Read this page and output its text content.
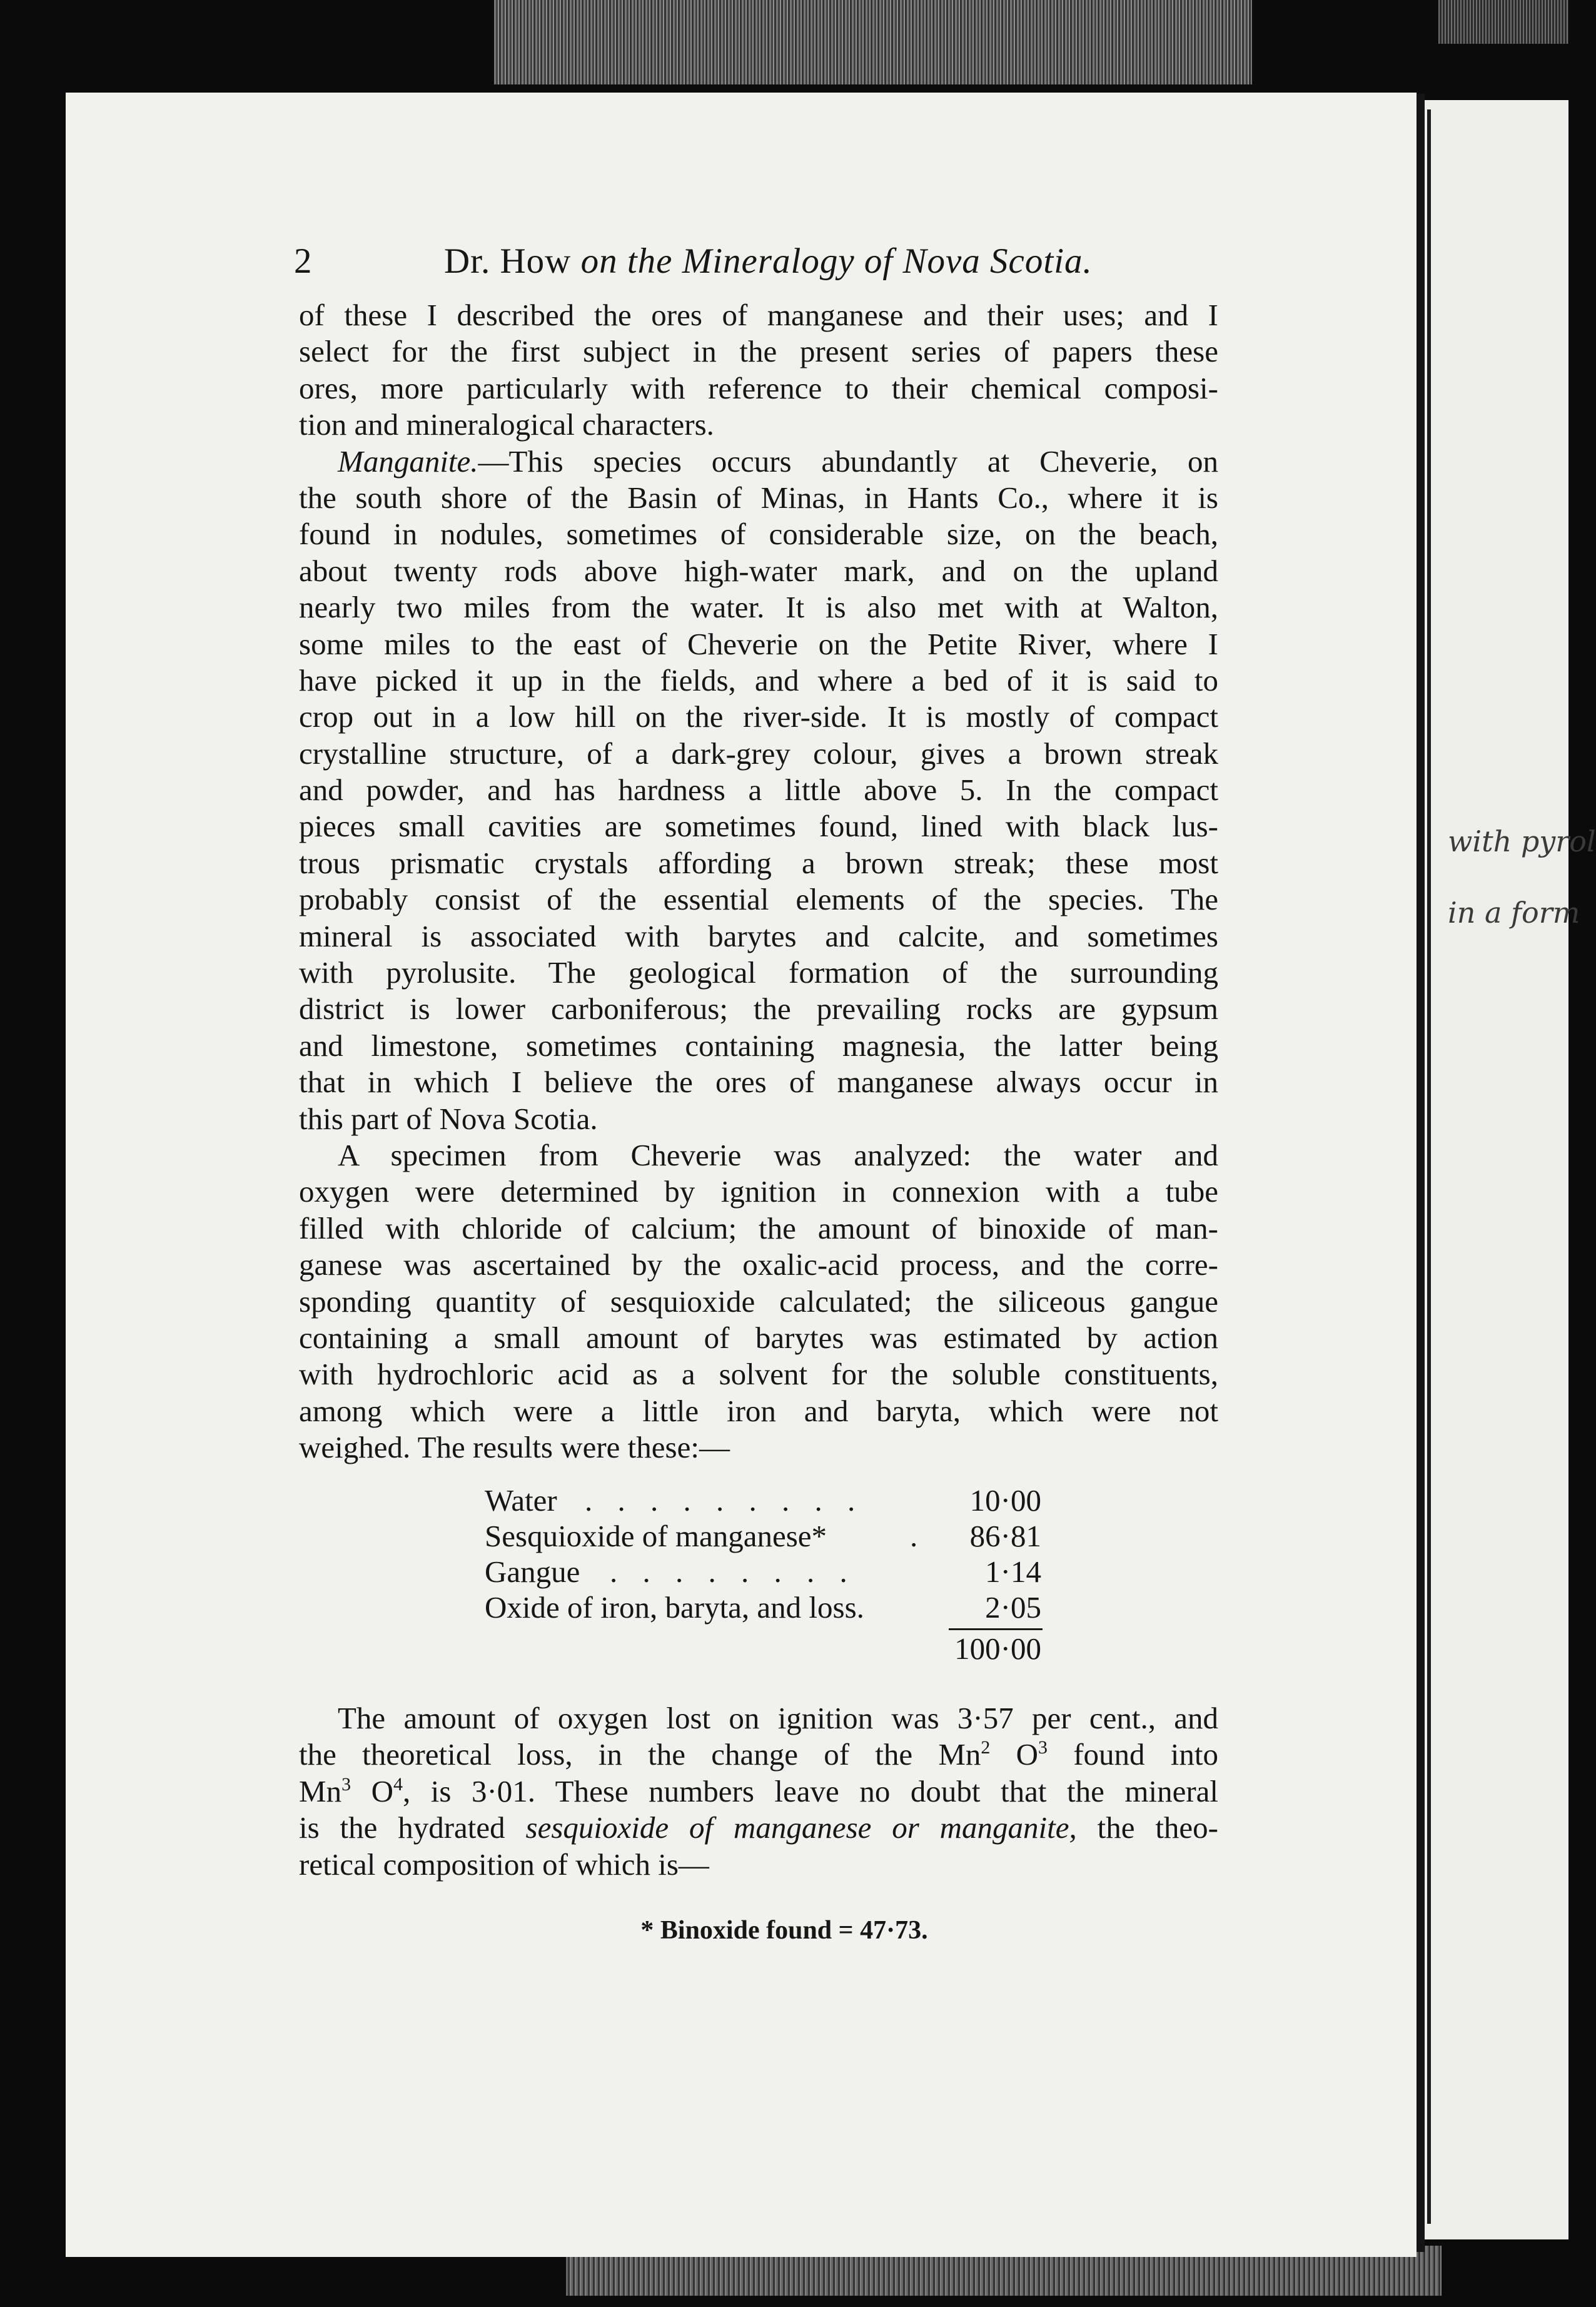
with pyrol
in a form
2	Dr. How on the Mineralogy of Nova Scotia.
of these I described the ores of manganese and their uses; and I
select for the first subject in the present series of papers these
ores, more particularly with reference to their chemical composi-
tion and mineralogical characters.
Manganite.—This species occurs abundantly at Cheverie, on
the south shore of the Basin of Minas, in Hants Co., where it is
found in nodules, sometimes of considerable size, on the beach,
about twenty rods above high-water mark, and on the upland
nearly two miles from the water. It is also met with at Walton,
some miles to the east of Cheverie on the Petite River, where I
have picked it up in the fields, and where a bed of it is said to
crop out in a low hill on the river-side. It is mostly of compact
crystalline structure, of a dark-grey colour, gives a brown streak
and powder, and has hardness a little above 5. In the compact
pieces small cavities are sometimes found, lined with black lus-
trous prismatic crystals affording a brown streak; these most
probably consist of the essential elements of the species. The
mineral is associated with barytes and calcite, and sometimes
with pyrolusite. The geological formation of the surrounding
district is lower carboniferous; the prevailing rocks are gypsum
and limestone, sometimes containing magnesia, the latter being
that in which I believe the ores of manganese always occur in
this part of Nova Scotia.
A specimen from Cheverie was analyzed: the water and
oxygen were determined by ignition in connexion with a tube
filled with chloride of calcium; the amount of binoxide of man-
ganese was ascertained by the oxalic-acid process, and the corre-
sponding quantity of sesquioxide calculated; the siliceous gangue
containing a small amount of barytes was estimated by action
with hydrochloric acid as a solvent for the soluble constituents,
among which were a little iron and baryta, which were not
weighed. The results were these:—
Water . . . . . . . . .	10·00
Sesquioxide of manganese*	. 86·81
Gangue . . . . . . . .	1·14
Oxide of iron, baryta, and loss.	2·05
100·00
The amount of oxygen lost on ignition was 3·57 per cent., and
the theoretical loss, in the change of the Mn$^2$ $O^3$ found into
Mn$^3$ $O^4$, is 3·01. These numbers leave no doubt that the mineral
is the hydrated sesquioxide of manganese or manganite, the theo-
retical composition of which is—
* Binoxide found = 47·73.
